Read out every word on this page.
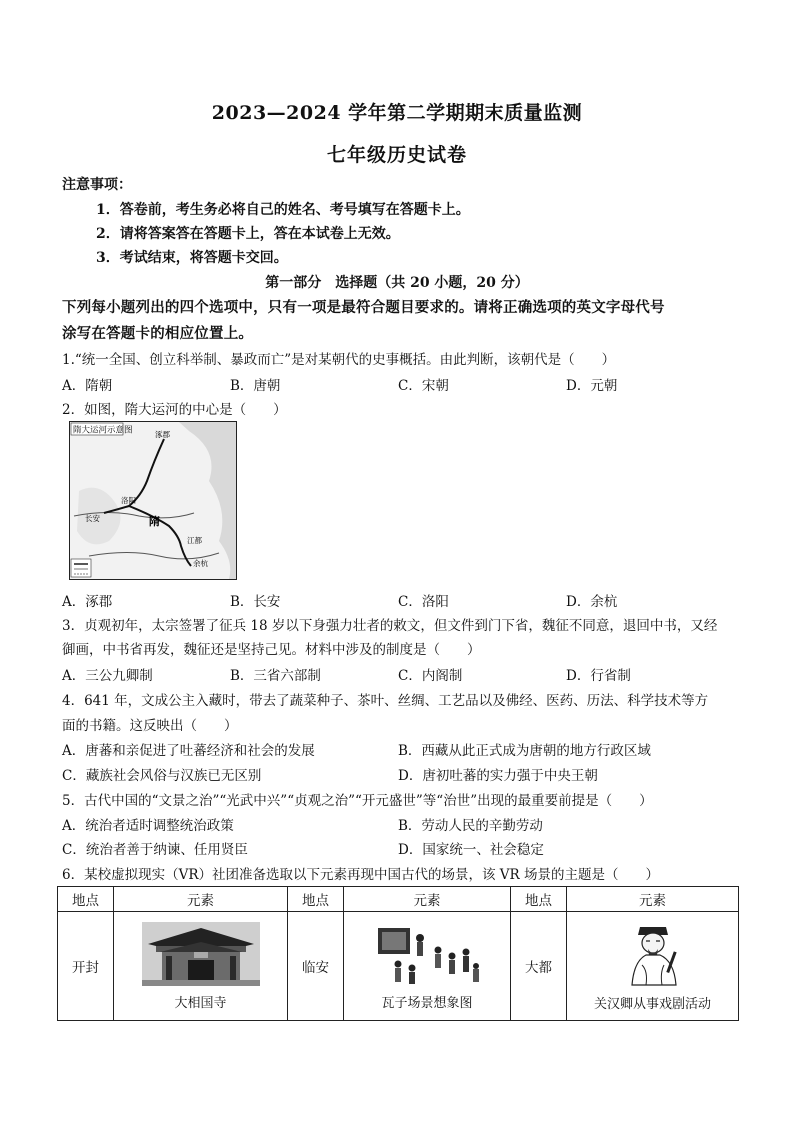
2023—2024 学年第二学期期末质量监测
七年级历史试卷
注意事项：
1．答卷前，考生务必将自己的姓名、考号填写在答题卡上。
2．请将答案答在答题卡上，答在本试卷上无效。
3．考试结束，将答题卡交回。
第一部分　选择题（共 20 小题，20 分）
下列每小题列出的四个选项中，只有一项是最符合题目要求的。请将正确选项的英文字母代号
涂写在答题卡的相应位置上。
1.“统一全国、创立科举制、暴政而亡”是对某朝代的史事概括。由此判断，该朝代是（　　）
A．隋朝	B．唐朝	C．宋朝	D．元朝
2．如图，隋大运河的中心是（　　）
隋大运河示意图	涿郡
长安
洛阳
隋
江都
余杭
A．涿郡	B．长安	C．洛阳	D．余杭
3．贞观初年，太宗签署了征兵 18 岁以下身强力壮者的敕文，但文件到门下省，魏征不同意，退回中书，又经
御画，中书省再发，魏征还是坚持己见。材料中涉及的制度是（　　）
A．三公九卿制	B．三省六部制	C．内阁制	D．行省制
4．641 年，文成公主入藏时，带去了蔬菜种子、茶叶、丝绸、工艺品以及佛经、医药、历法、科学技术等方
面的书籍。这反映出（　　）
A．唐蕃和亲促进了吐蕃经济和社会的发展	B．西藏从此正式成为唐朝的地方行政区域
C．藏族社会风俗与汉族已无区别	D．唐初吐蕃的实力强于中央王朝
5．古代中国的“文景之治”“光武中兴”“贞观之治”“开元盛世”等“治世”出现的最重要前提是（　　）
A．统治者适时调整统治政策	B．劳动人民的辛勤劳动
C．统治者善于纳谏、任用贤臣	D．国家统一、社会稳定
6．某校虚拟现实（VR）社团准备选取以下元素再现中国古代的场景，该 VR 场景的主题是（　　）
地点	元素	地点	元素	地点	元素
开封	大相国寺	临安	瓦子场景想象图	大都	关汉卿从事戏剧活动
